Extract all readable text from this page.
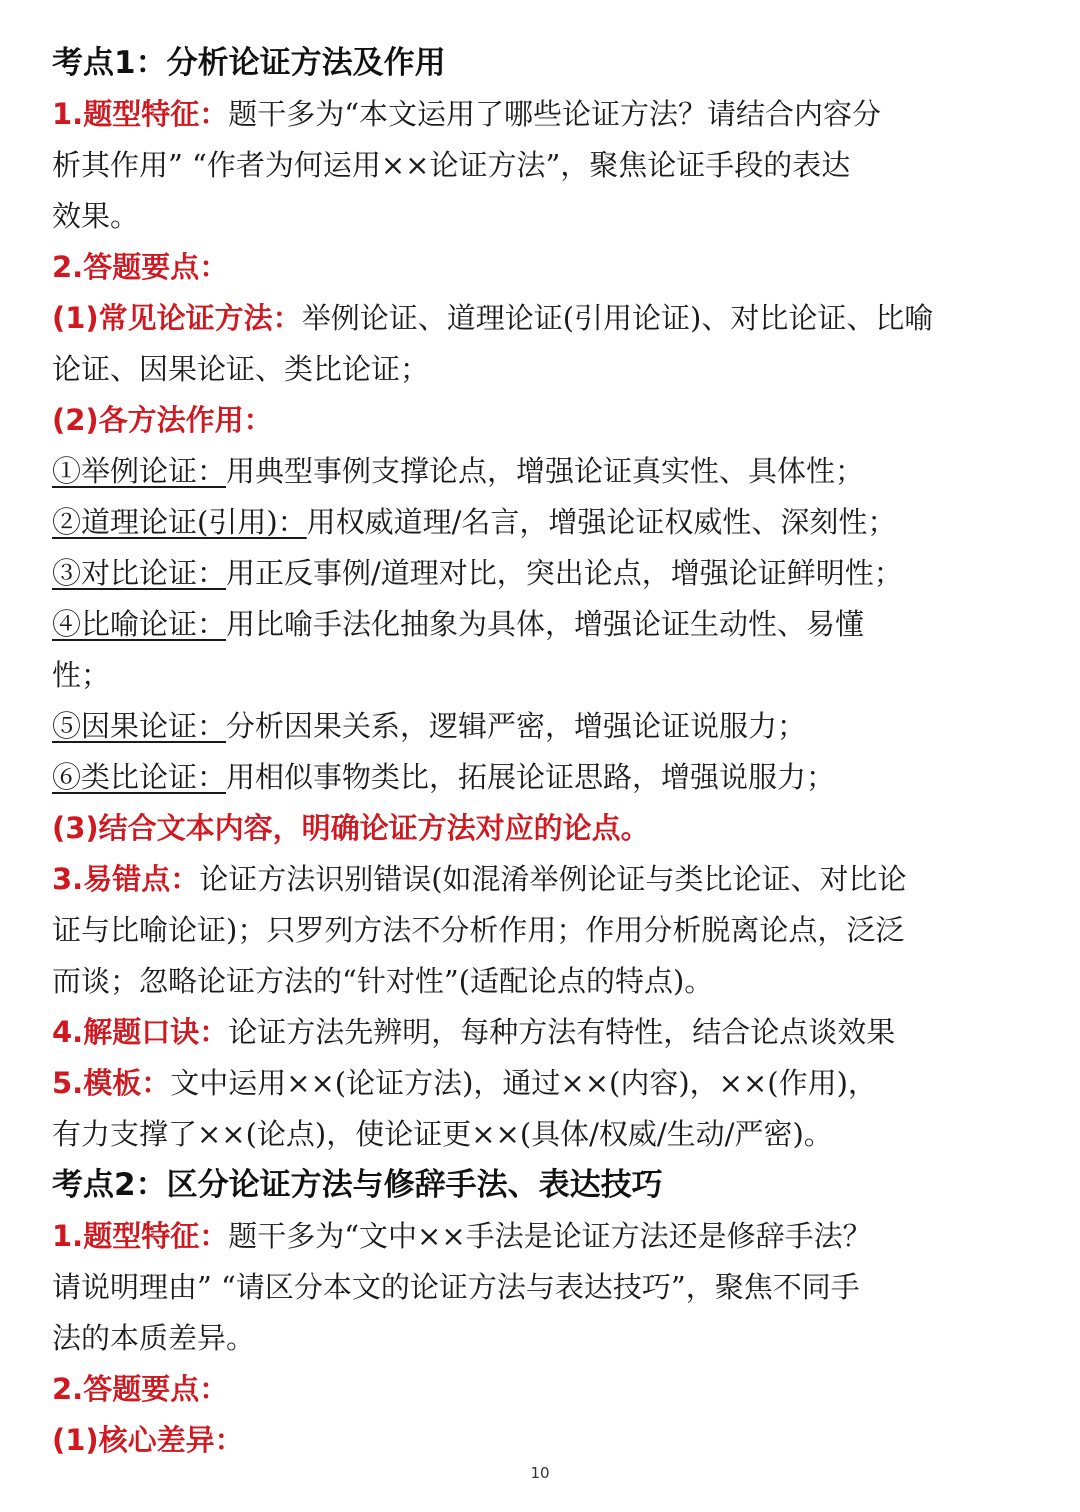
考点1：分析论证方法及作用
1.题型特征：题干多为“本文运用了哪些论证方法？请结合内容分
析其作用” “作者为何运用××论证方法”，聚焦论证手段的表达
效果。
2.答题要点：
(1)常见论证方法：举例论证、道理论证(引用论证)、对比论证、比喻
论证、因果论证、类比论证；
(2)各方法作用：
①举例论证：用典型事例支撑论点，增强论证真实性、具体性；
②道理论证(引用)：用权威道理/名言，增强论证权威性、深刻性；
③对比论证：用正反事例/道理对比，突出论点，增强论证鲜明性；
④比喻论证：用比喻手法化抽象为具体，增强论证生动性、易懂
性；
⑤因果论证：分析因果关系，逻辑严密，增强论证说服力；
⑥类比论证：用相似事物类比，拓展论证思路，增强说服力；
(3)结合文本内容，明确论证方法对应的论点。
3.易错点：论证方法识别错误(如混淆举例论证与类比论证、对比论
证与比喻论证)；只罗列方法不分析作用；作用分析脱离论点，泛泛
而谈；忽略论证方法的“针对性”(适配论点的特点)。
4.解题口诀：论证方法先辨明，每种方法有特性，结合论点谈效果
5.模板：文中运用××(论证方法)，通过××(内容)，××(作用)，
有力支撑了××(论点)，使论证更××(具体/权威/生动/严密)。
考点2：区分论证方法与修辞手法、表达技巧
1.题型特征：题干多为“文中××手法是论证方法还是修辞手法？
请说明理由” “请区分本文的论证方法与表达技巧”，聚焦不同手
法的本质差异。
2.答题要点：
(1)核心差异：
10
